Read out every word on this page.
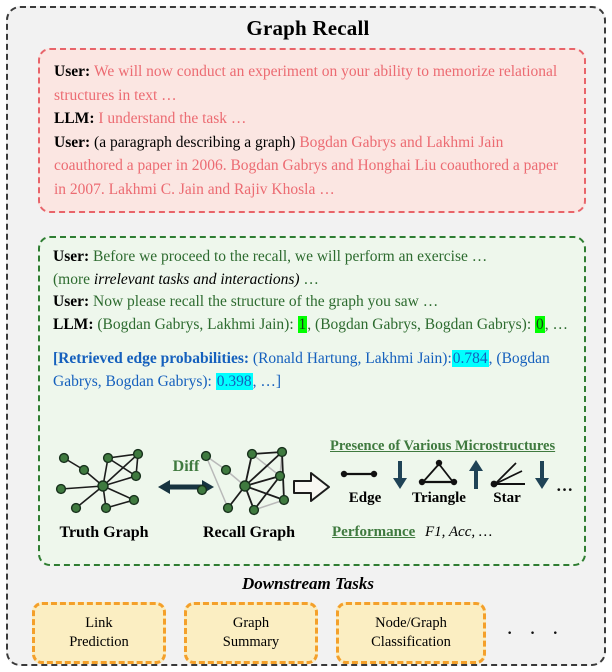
Graph Recall
User: We will now conduct an experiment on your ability to memorize relational structures in text …
LLM: I understand the task …
User: (a paragraph describing a graph) Bogdan Gabrys and Lakhmi Jain coauthored a paper in 2006. Bogdan Gabrys and Honghai Liu coauthored a paper in 2007. Lakhmi C. Jain and Rajiv Khosla …
User: Before we proceed to the recall, we will perform an exercise …
(more irrelevant tasks and interactions) …
User: Now please recall the structure of the graph you saw …
LLM: (Bogdan Gabrys, Lakhmi Jain): 1, (Bogdan Gabrys, Bogdan Gabrys): 0, …
[Retrieved edge probabilities: (Ronald Hartung, Lakhmi Jain):0.784, (Bogdan Gabrys, Bogdan Gabrys): 0.398, …]
Truth Graph
Diff
Recall Graph
Presence of Various Microstructures
Edge	Triangle	Star
…
Performance F1, Acc, …
Downstream Tasks
Link
Prediction
Graph
Summary
Node/Graph
Classification	· · ·
